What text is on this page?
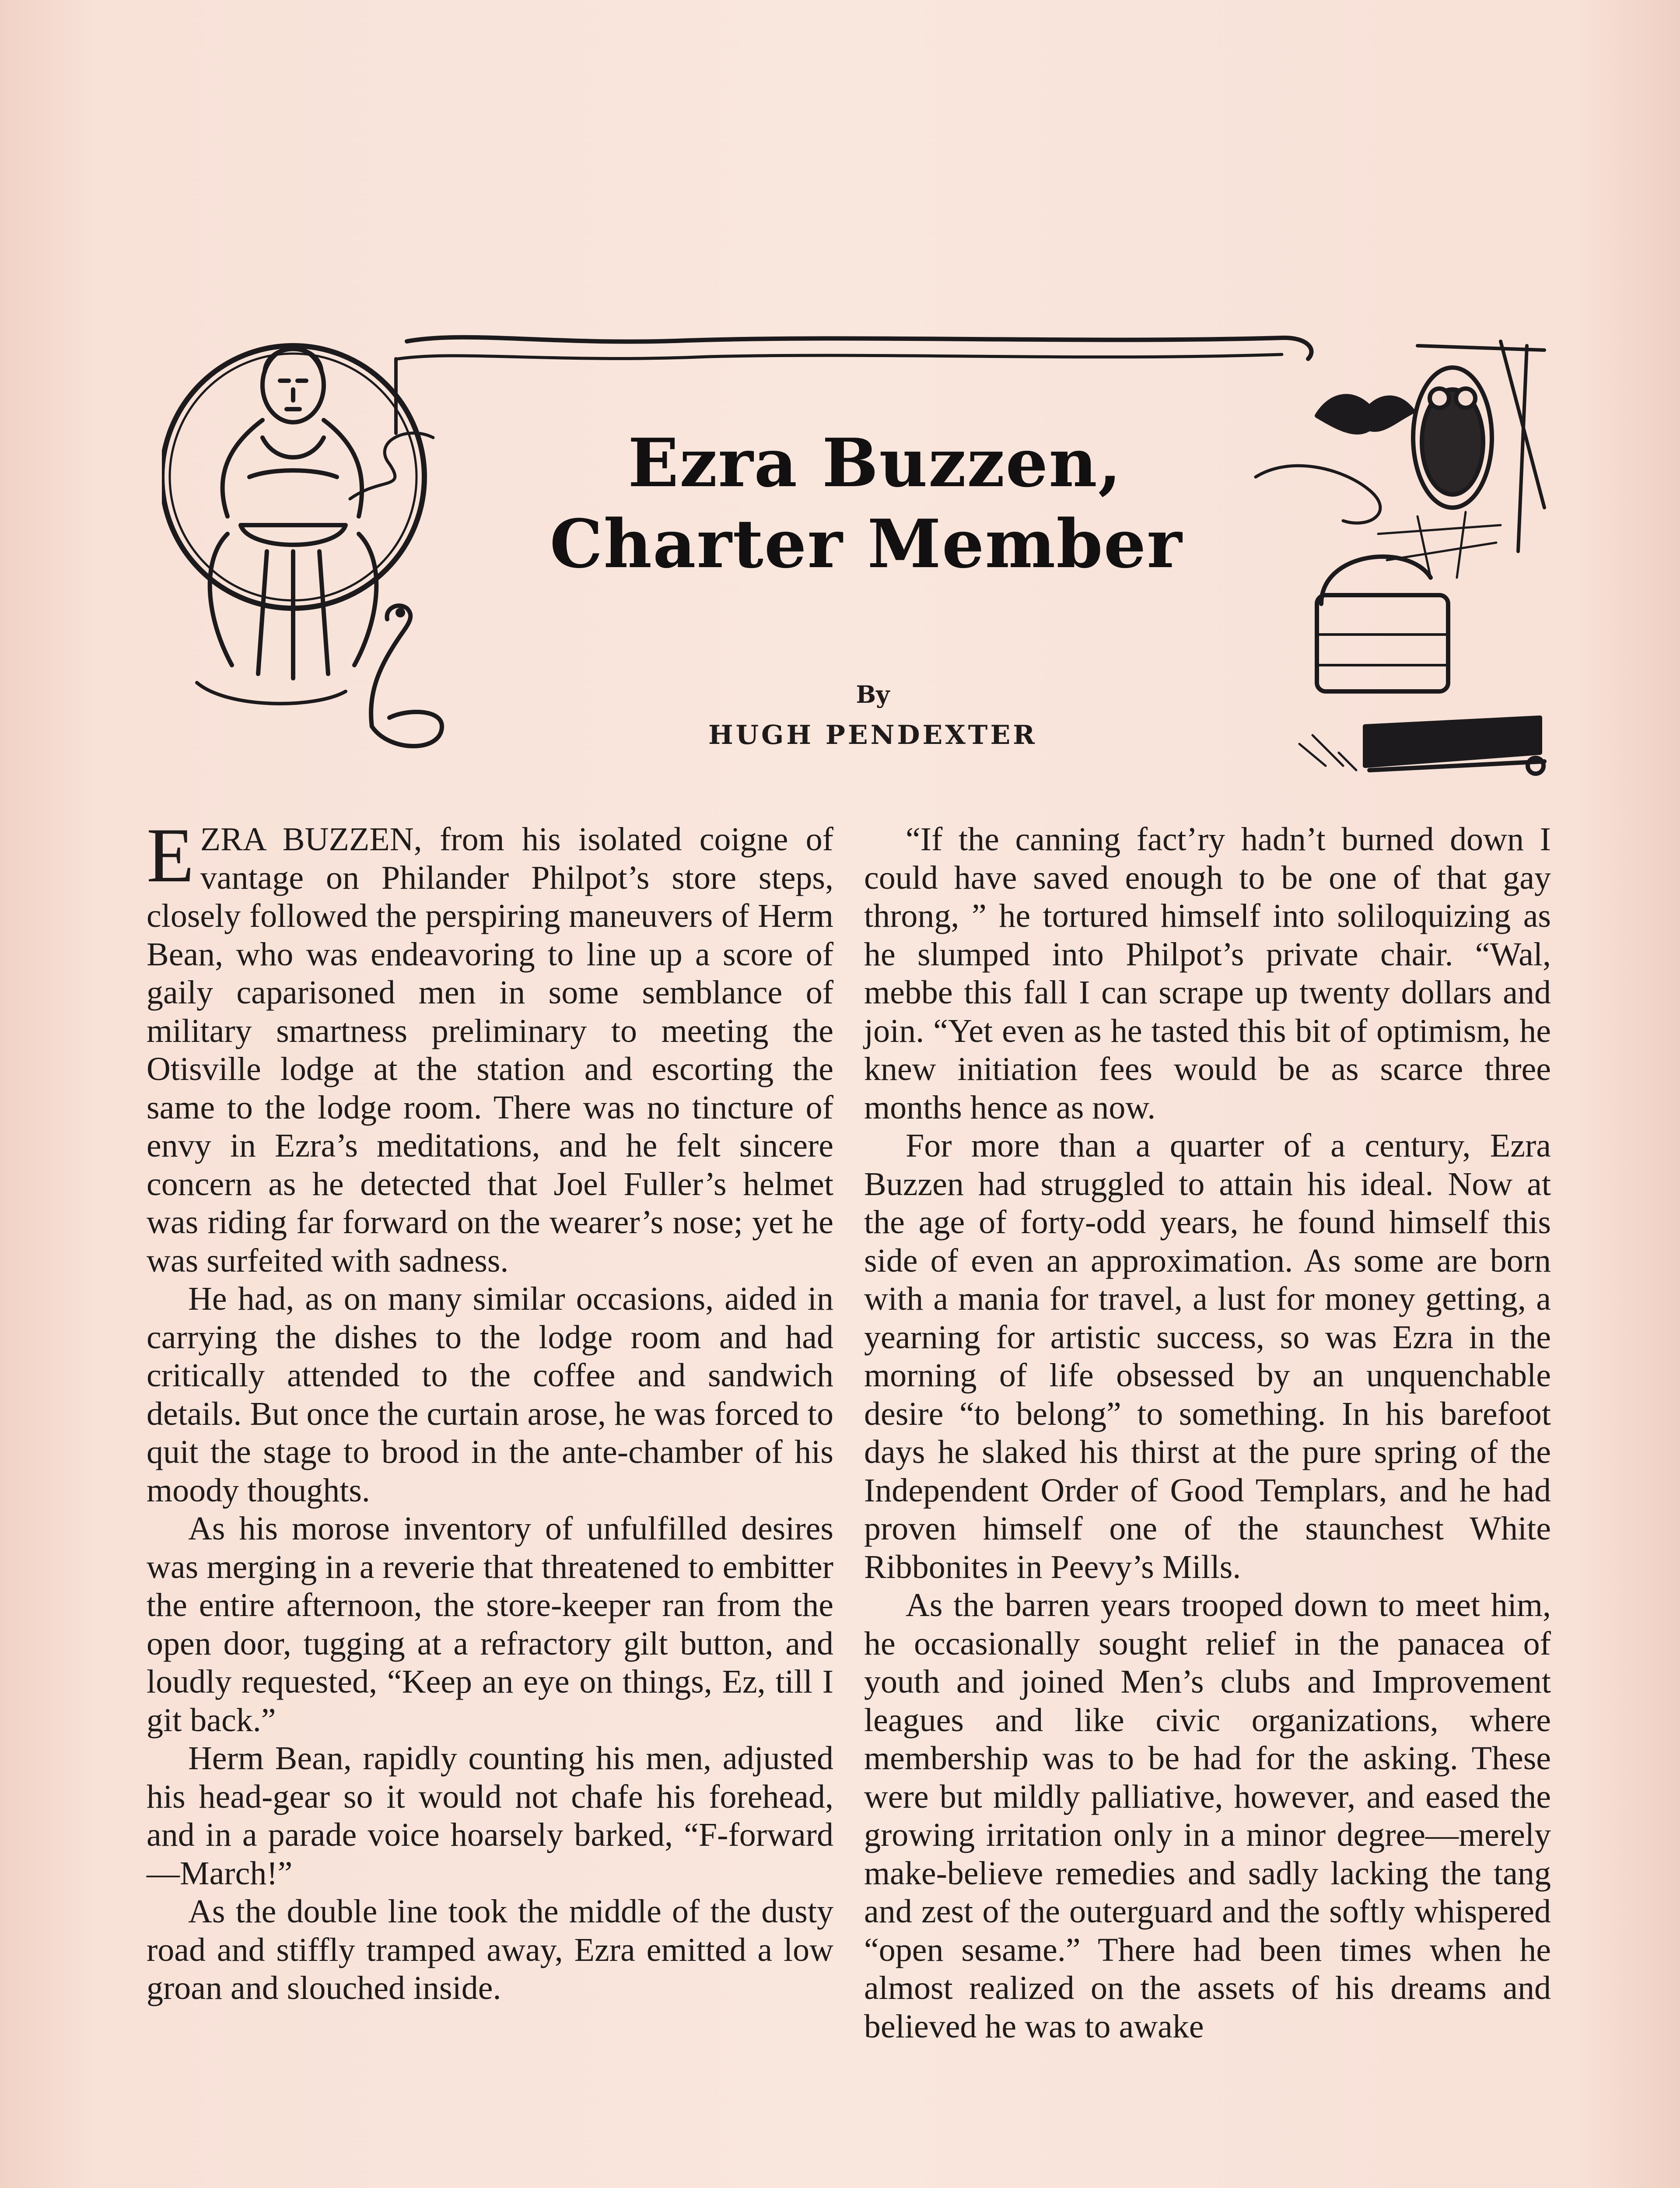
Ezra Buzzen,
Charter Member
By
HUGH PENDEXTER

EZRA BUZZEN, from his isolated coigne of vantage on Philander Philpot’s store steps, closely followed the perspiring maneuvers of Herm Bean, who was endeavoring to line up a score of gaily caparisoned men in some semblance of military smartness preliminary to meeting the Otisville lodge at the station and escorting the same to the lodge room. There was no tincture of envy in Ezra’s meditations, and he felt sincere concern as he detected that Joel Fuller’s helmet was riding far forward on the wearer’s nose; yet he was surfeited with sadness.

He had, as on many similar occasions, aided in carrying the dishes to the lodge room and had critically attended to the coffee and sandwich details. But once the curtain arose, he was forced to quit the stage to brood in the ante-chamber of his moody thoughts.

As his morose inventory of unfulfilled desires was merging in a reverie that threatened to embitter the entire afternoon, the store-keeper ran from the open door, tugging at a refractory gilt button, and loudly requested, “Keep an eye on things, Ez, till I git back.”

Herm Bean, rapidly counting his men, adjusted his head-gear so it would not chafe his forehead, and in a parade voice hoarsely barked, “F-forward—March!”

As the double line took the middle of the dusty road and stiffly tramped away, Ezra emitted a low groan and slouched inside.

“If the canning fact’ry hadn’t burned down I could have saved enough to be one of that gay throng, ” he tortured himself into soliloquizing as he slumped into Philpot’s private chair. “Wal, mebbe this fall I can scrape up twenty dollars and join. “Yet even as he tasted this bit of optimism, he knew initiation fees would be as scarce three months hence as now.

For more than a quarter of a century, Ezra Buzzen had struggled to attain his ideal. Now at the age of forty-odd years, he found himself this side of even an approximation. As some are born with a mania for travel, a lust for money getting, a yearning for artistic success, so was Ezra in the morning of life obsessed by an unquenchable desire “to belong” to something. In his barefoot days he slaked his thirst at the pure spring of the Independent Order of Good Templars, and he had proven himself one of the staunchest White Ribbonites in Peevy’s Mills.

As the barren years trooped down to meet him, he occasionally sought relief in the panacea of youth and joined Men’s clubs and Improvement leagues and like civic organizations, where membership was to be had for the asking. These were but mildly palliative, however, and eased the growing irritation only in a minor degree—merely make-believe remedies and sadly lacking the tang and zest of the outerguard and the softly whispered “open sesame.” There had been times when he almost realized on the assets of his dreams and believed he was to awake
